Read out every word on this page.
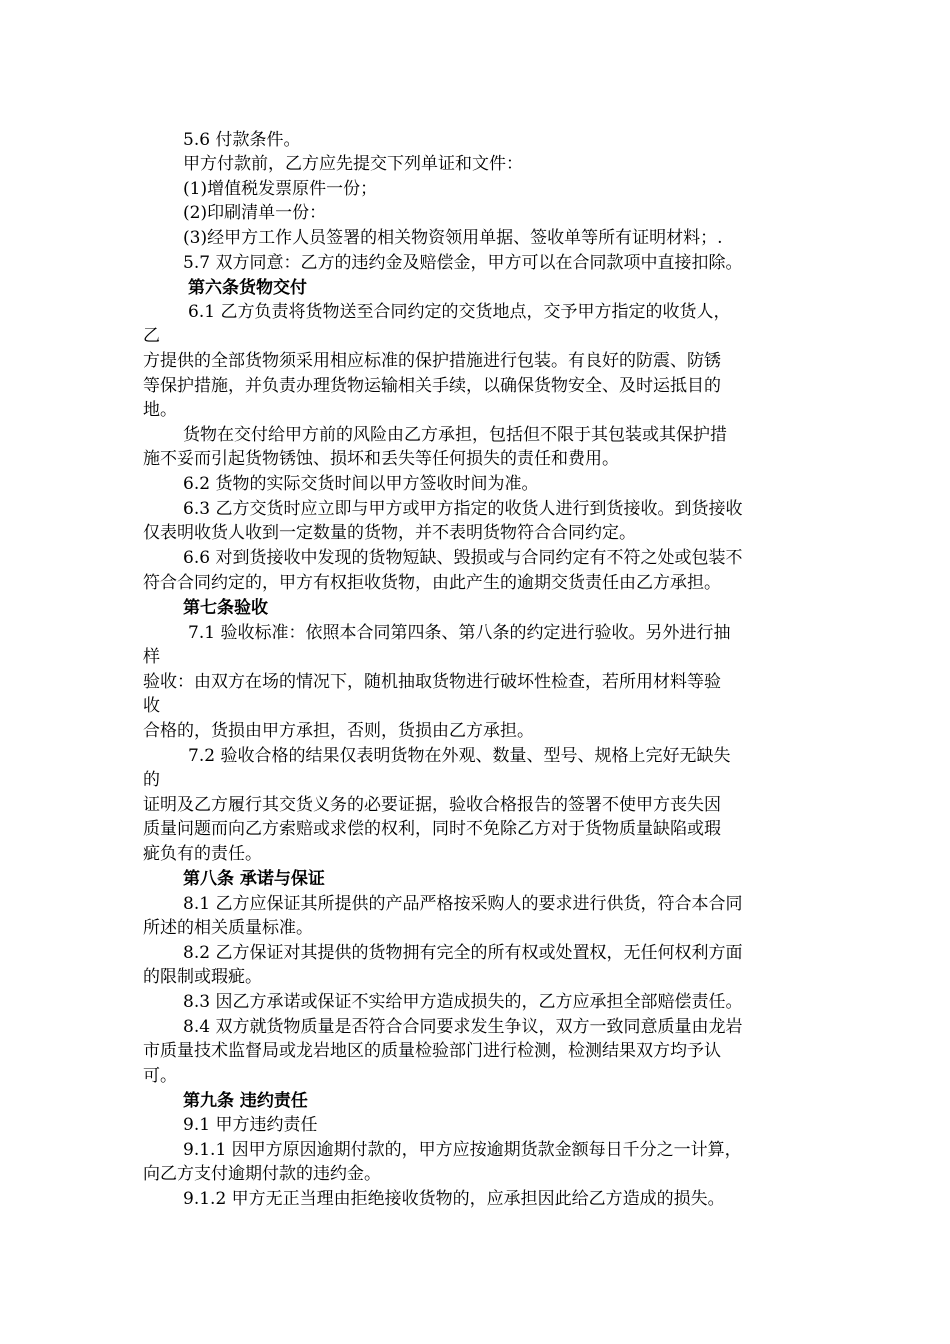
5.6 付款条件。
甲方付款前，乙方应先提交下列单证和文件：
(1)增值税发票原件一份；
(2)印刷清单一份：
(3)经甲方工作人员签署的相关物资领用单据、签收单等所有证明材料；.
5.7 双方同意：乙方的违约金及赔偿金，甲方可以在合同款项中直接扣除。
第六条货物交付
6.1 乙方负责将货物送至合同约定的交货地点，交予甲方指定的收货人，
乙
方提供的全部货物须采用相应标准的保护措施进行包装。有良好的防震、防锈
等保护措施，并负责办理货物运输相关手续，以确保货物安全、及时运抵目的
地。
货物在交付给甲方前的风险由乙方承担，包括但不限于其包装或其保护措
施不妥而引起货物锈蚀、损坏和丢失等任何损失的责任和费用。
6.2 货物的实际交货时间以甲方签收时间为准。
6.3 乙方交货时应立即与甲方或甲方指定的收货人进行到货接收。到货接收
仅表明收货人收到一定数量的货物，并不表明货物符合合同约定。
6.6 对到货接收中发现的货物短缺、毁损或与合同约定有不符之处或包装不
符合合同约定的，甲方有权拒收货物，由此产生的逾期交货责任由乙方承担。
第七条验收
7.1 验收标准：依照本合同第四条、第八条的约定进行验收。另外进行抽
样
验收：由双方在场的情况下，随机抽取货物进行破坏性检查，若所用材料等验
收
合格的，货损由甲方承担，否则，货损由乙方承担。
7.2 验收合格的结果仅表明货物在外观、数量、型号、规格上完好无缺失
的
证明及乙方履行其交货义务的必要证据，验收合格报告的签署不使甲方丧失因
质量问题而向乙方索赔或求偿的权利，同时不免除乙方对于货物质量缺陷或瑕
疵负有的责任。
第八条 承诺与保证
8.1 乙方应保证其所提供的产品严格按采购人的要求进行供货，符合本合同
所述的相关质量标准。
8.2 乙方保证对其提供的货物拥有完全的所有权或处置权，无任何权利方面
的限制或瑕疵。
8.3 因乙方承诺或保证不实给甲方造成损失的，乙方应承担全部赔偿责任。
8.4 双方就货物质量是否符合合同要求发生争议，双方一致同意质量由龙岩
市质量技术监督局或龙岩地区的质量检验部门进行检测，检测结果双方均予认
可。
第九条 违约责任
9.1 甲方违约责任
9.1.1 因甲方原因逾期付款的，甲方应按逾期货款金额每日千分之一计算，
向乙方支付逾期付款的违约金。
9.1.2 甲方无正当理由拒绝接收货物的，应承担因此给乙方造成的损失。
